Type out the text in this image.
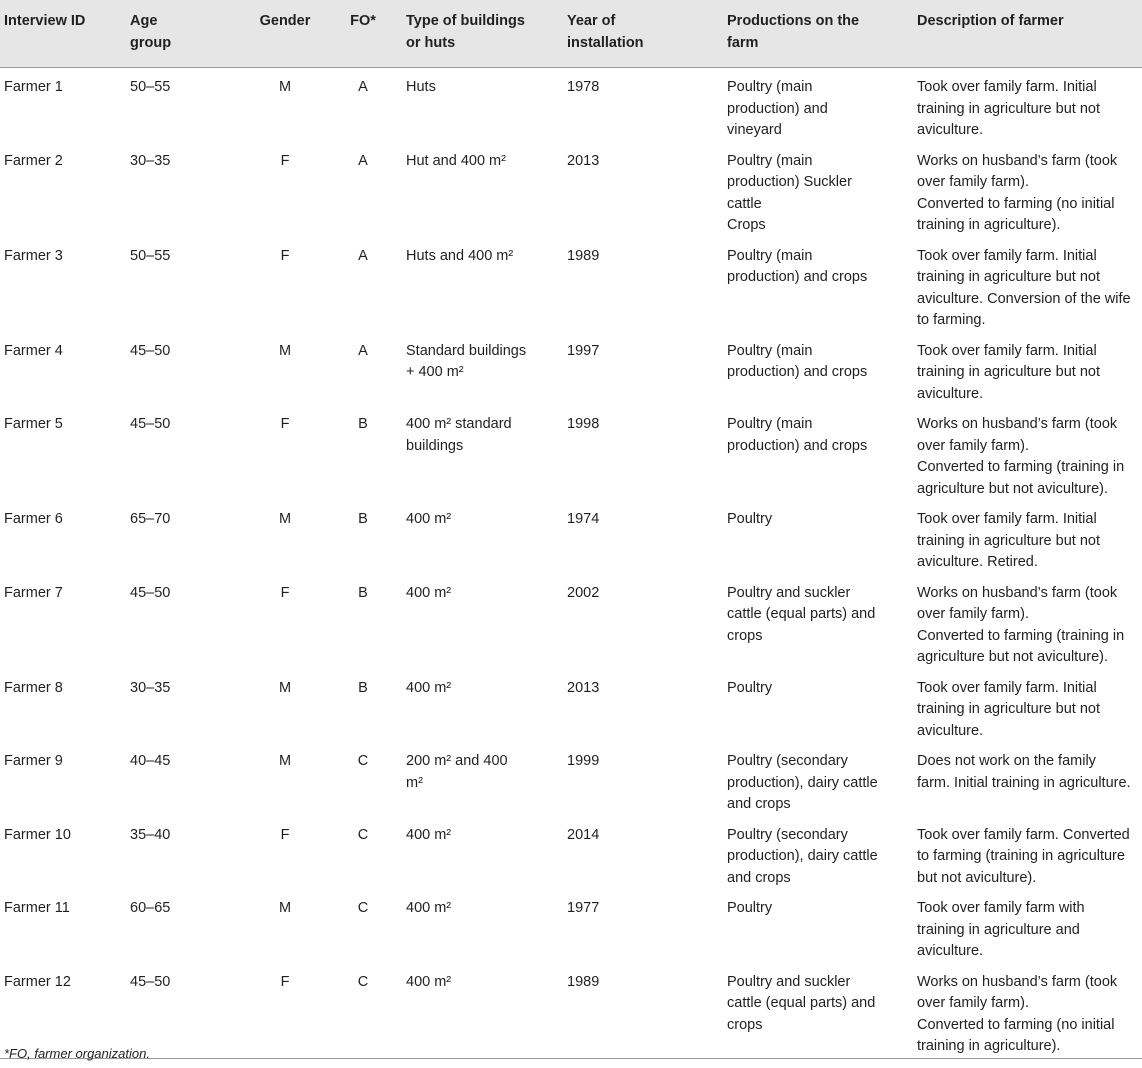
Interview ID	Age
group	Gender	FO*	Type of buildings
or huts	Year of
installation	Productions on the
farm	Description of farmer

Farmer 1	50–55	M	A	Huts	1978	Poultry (main
production) and
vineyard	Took over family farm. Initial
training in agriculture but not
aviculture.

Farmer 2	30–35	F	A	Hut and 400 m²	2013	Poultry (main
production) Suckler
cattle
Crops	Works on husband’s farm (took
over family farm).
Converted to farming (no initial
training in agriculture).

Farmer 3	50–55	F	A	Huts and 400 m²	1989	Poultry (main
production) and crops	Took over family farm. Initial
training in agriculture but not
aviculture. Conversion of the wife
to farming.

Farmer 4	45–50	M	A	Standard buildings
+ 400 m²	1997	Poultry (main
production) and crops	Took over family farm. Initial
training in agriculture but not
aviculture.

Farmer 5	45–50	F	B	400 m² standard
buildings	1998	Poultry (main
production) and crops	Works on husband’s farm (took
over family farm).
Converted to farming (training in
agriculture but not aviculture).

Farmer 6	65–70	M	B	400 m²	1974	Poultry	Took over family farm. Initial
training in agriculture but not
aviculture. Retired.

Farmer 7	45–50	F	B	400 m²	2002	Poultry and suckler
cattle (equal parts) and
crops	Works on husband’s farm (took
over family farm).
Converted to farming (training in
agriculture but not aviculture).

Farmer 8	30–35	M	B	400 m²	2013	Poultry	Took over family farm. Initial
training in agriculture but not
aviculture.

Farmer 9	40–45	M	C	200 m² and 400
m²	1999	Poultry (secondary
production), dairy cattle
and crops	Does not work on the family
farm. Initial training in agriculture.

Farmer 10	35–40	F	C	400 m²	2014	Poultry (secondary
production), dairy cattle
and crops	Took over family farm. Converted
to farming (training in agriculture
but not aviculture).

Farmer 11	60–65	M	C	400 m²	1977	Poultry	Took over family farm with
training in agriculture and
aviculture.

Farmer 12	45–50	F	C	400 m²	1989	Poultry and suckler
cattle (equal parts) and
crops	Works on husband’s farm (took
over family farm).
Converted to farming (no initial
training in agriculture).
*FO, farmer organization.
